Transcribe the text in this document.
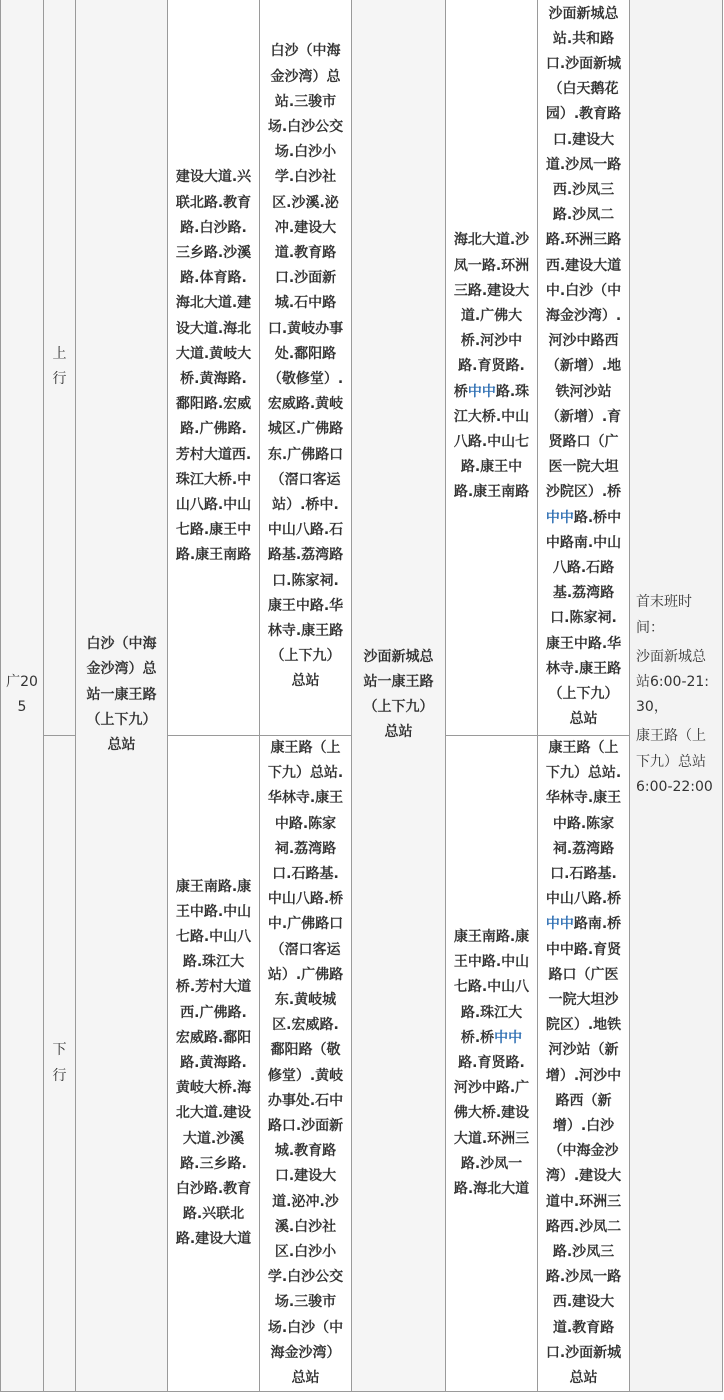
广205	上行	白沙（中海金沙湾）总站一康王路（上下九）总站	建设大道.兴联北路.教育路.白沙路.三乡路.沙溪路.体育路.海北大道.建设大道.海北大道.黄岐大桥.黄海路.鄱阳路.宏威路.广佛路.芳村大道西.珠江大桥.中山八路.中山七路.康王中路.康王南路	白沙（中海金沙湾）总站.三骏市场.白沙公交场.白沙小学.白沙社区.沙溪.泌冲.建设大道.教育路口.沙面新城.石中路口.黄岐办事处.鄱阳路（敬修堂）.宏威路.黄岐城区.广佛路东.广佛路口（滘口客运站）.桥中.中山八路.石路基.荔湾路口.陈家祠.康王中路.华林寺.康王路（上下九）总站	沙面新城总站一康王路（上下九）总站	海北大道.沙凤一路.环洲三路.建设大道.广佛大桥.河沙中路.育贤路.桥中中路.珠江大桥.中山八路.中山七路.康王中路.康王南路	沙面新城总站.共和路口.沙面新城（白天鹅花园）.教育路口.建设大道.沙凤一路西.沙凤三路.沙凤二路.环洲三路西.建设大道中.白沙（中海金沙湾）.河沙中路西（新增）.地铁河沙站（新增）.育贤路口（广医一院大坦沙院区）.桥中中路.桥中中路南.中山八路.石路基.荔湾路口.陈家祠.康王中路.华林寺.康王路（上下九）总站	首末班时间：
沙面新城总站6:00-21:30，
康王路（上下九）总站6:00-22:00

	下行		康王南路.康王中路.中山七路.中山八路.珠江大桥.芳村大道西.广佛路.宏威路.鄱阳路.黄海路.黄岐大桥.海北大道.建设大道.沙溪路.三乡路.白沙路.教育路.兴联北路.建设大道	康王路（上下九）总站.华林寺.康王中路.陈家祠.荔湾路口.石路基.中山八路.桥中.广佛路口（滘口客运站）.广佛路东.黄岐城区.宏威路.鄱阳路（敬修堂）.黄岐办事处.石中路口.沙面新城.教育路口.建设大道.泌冲.沙溪.白沙社区.白沙小学.白沙公交场.三骏市场.白沙（中海金沙湾）总站		康王南路.康王中路.中山七路.中山八路.珠江大桥.桥中中路.育贤路.河沙中路.广佛大桥.建设大道.环洲三路.沙凤一路.海北大道	康王路（上下九）总站.华林寺.康王中路.陈家祠.荔湾路口.石路基.中山八路.桥中中路南.桥中中路.育贤路口（广医一院大坦沙院区）.地铁河沙站（新增）.河沙中路西（新增）.白沙（中海金沙湾）.建设大道中.环洲三路西.沙凤二路.沙凤三路.沙凤一路西.建设大道.教育路口.沙面新城总站	
